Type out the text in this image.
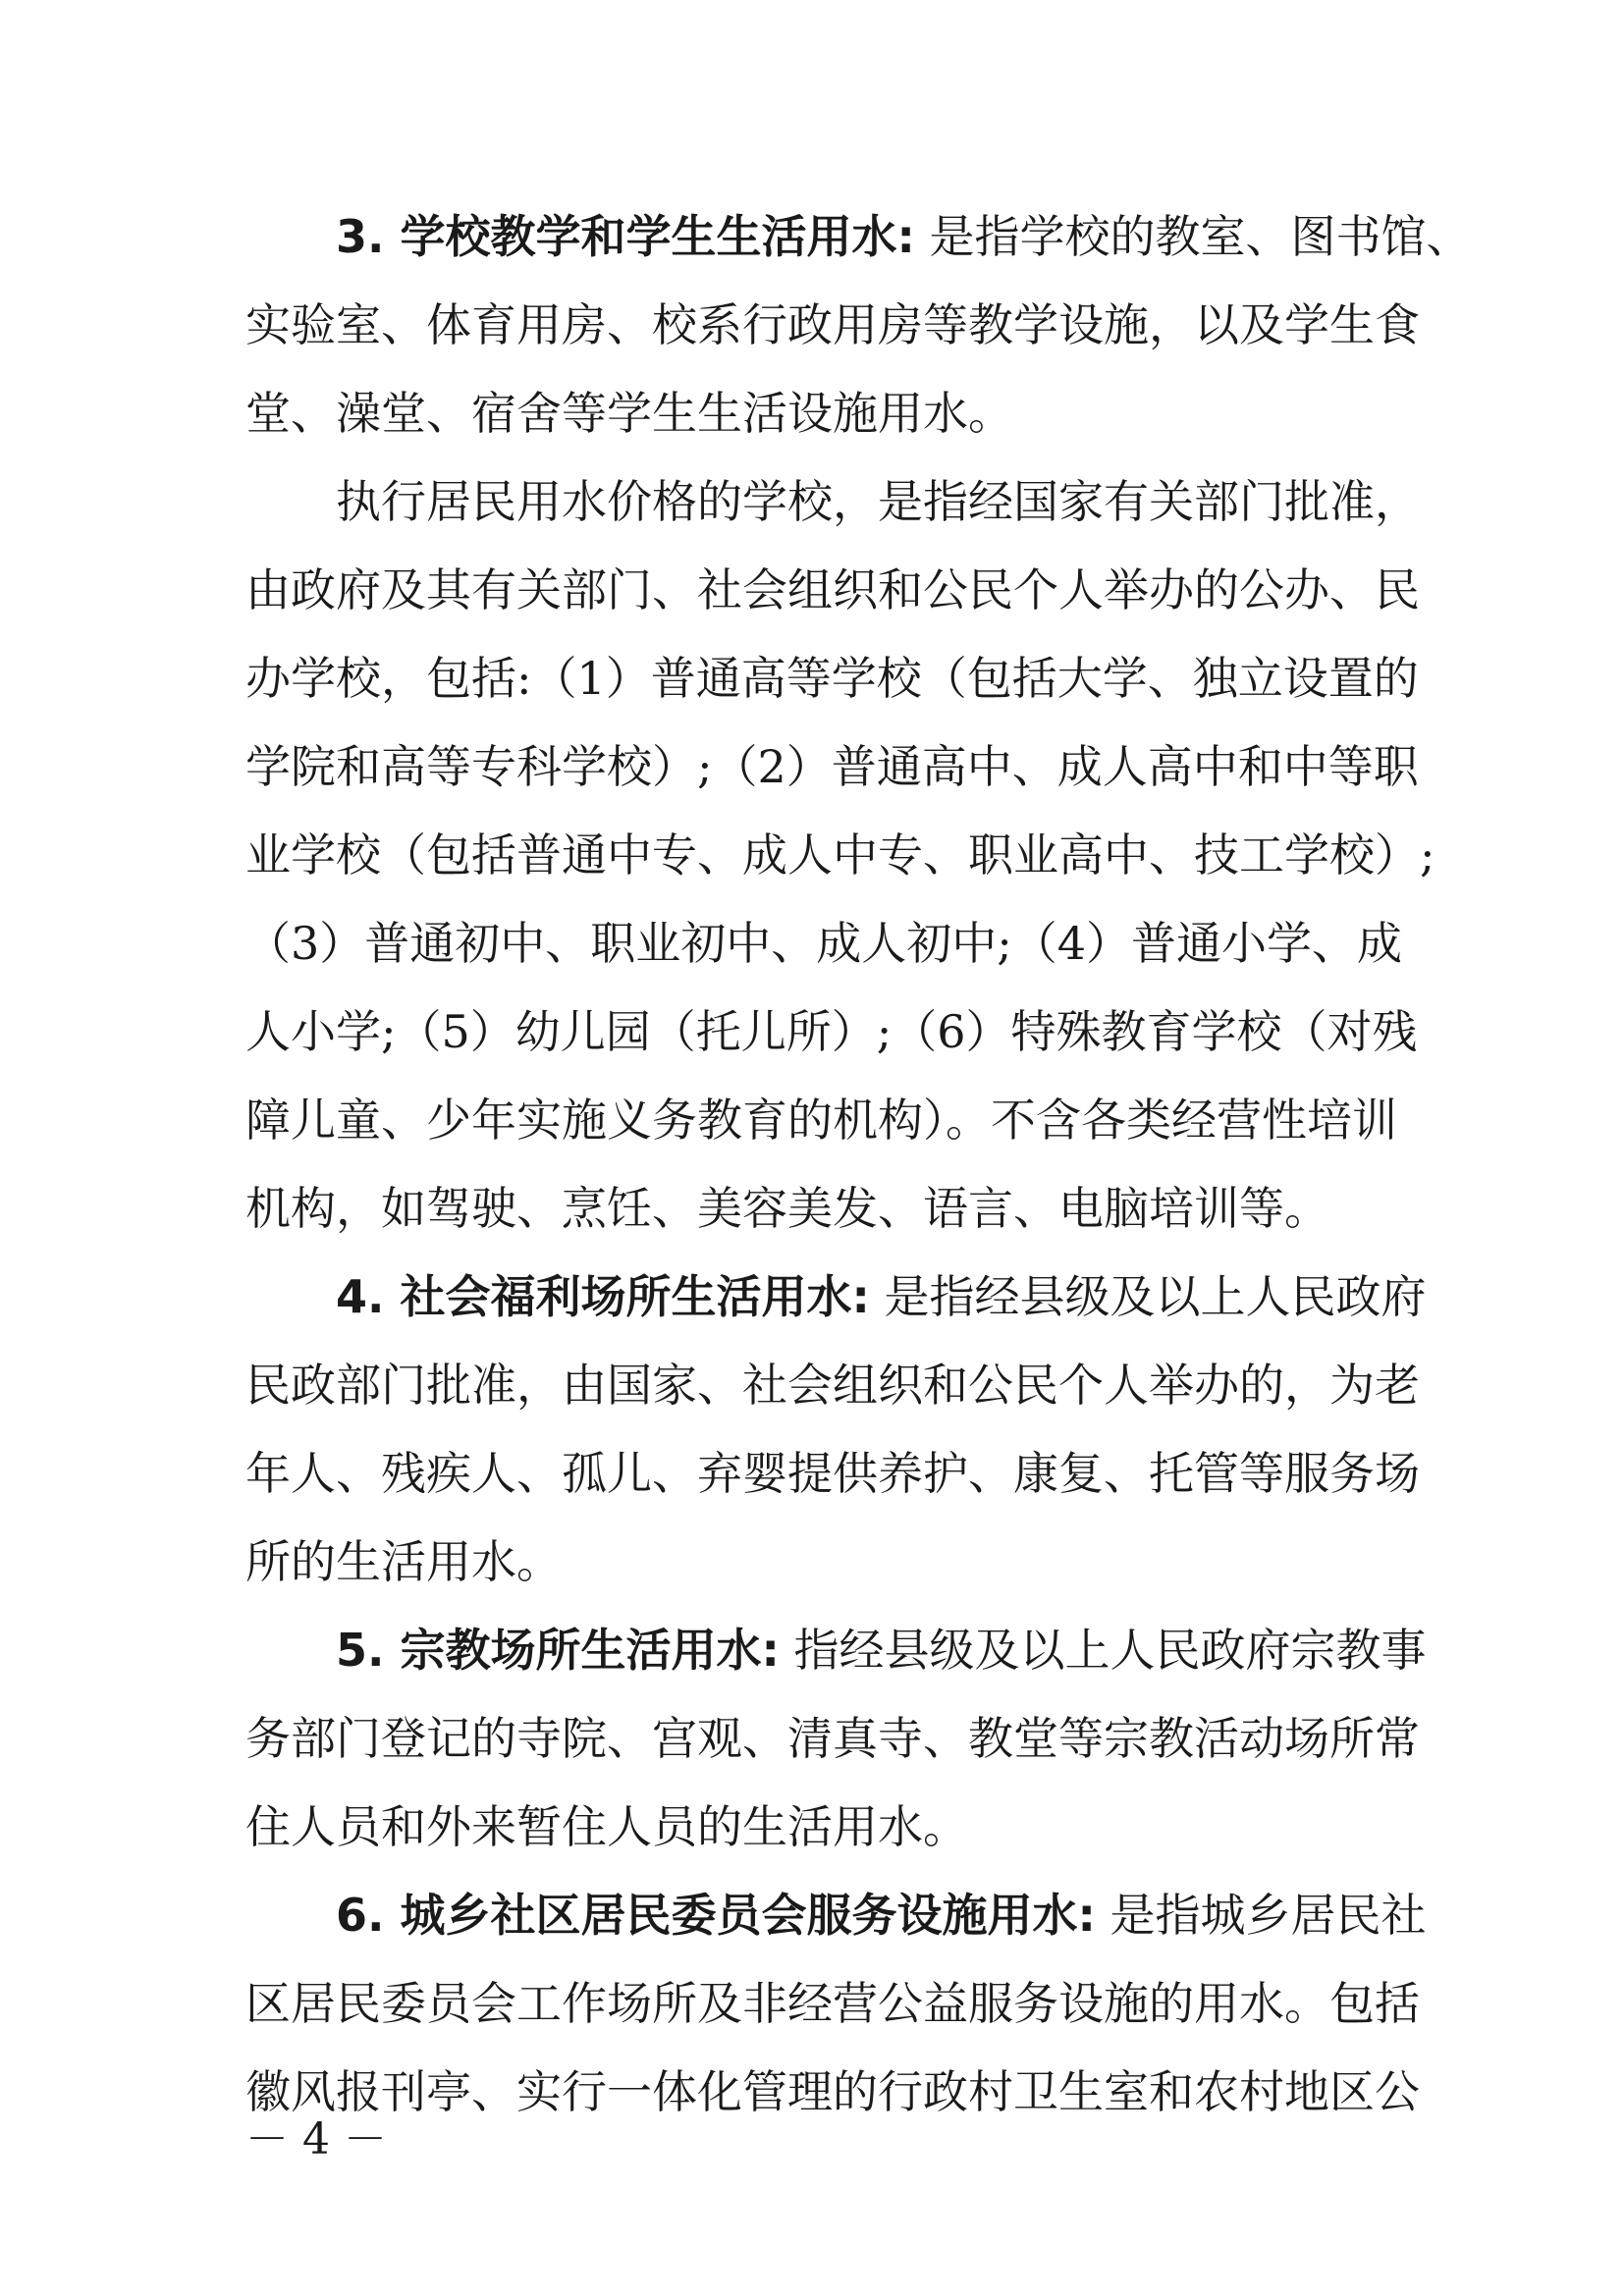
3. 学校教学和学生生活用水: 是指学校的教室、图书馆、
实验室、体育用房、校系行政用房等教学设施，以及学生食
堂、澡堂、宿舍等学生生活设施用水。
执行居民用水价格的学校，是指经国家有关部门批准，
由政府及其有关部门、社会组织和公民个人举办的公办、民
办学校，包括:（1）普通高等学校（包括大学、独立设置的
学院和高等专科学校）;（2）普通高中、成人高中和中等职
业学校（包括普通中专、成人中专、职业高中、技工学校）;
（3）普通初中、职业初中、成人初中;（4）普通小学、成
人小学;（5）幼儿园（托儿所）;（6）特殊教育学校（对残
障儿童、少年实施义务教育的机构）。不含各类经营性培训
机构，如驾驶、烹饪、美容美发、语言、电脑培训等。
4. 社会福利场所生活用水: 是指经县级及以上人民政府
民政部门批准，由国家、社会组织和公民个人举办的，为老
年人、残疾人、孤儿、弃婴提供养护、康复、托管等服务场
所的生活用水。
5. 宗教场所生活用水: 指经县级及以上人民政府宗教事
务部门登记的寺院、宫观、清真寺、教堂等宗教活动场所常
住人员和外来暂住人员的生活用水。
6. 城乡社区居民委员会服务设施用水: 是指城乡居民社
区居民委员会工作场所及非经营公益服务设施的用水。包括
徽风报刊亭、实行一体化管理的行政村卫生室和农村地区公
－ 4 －
